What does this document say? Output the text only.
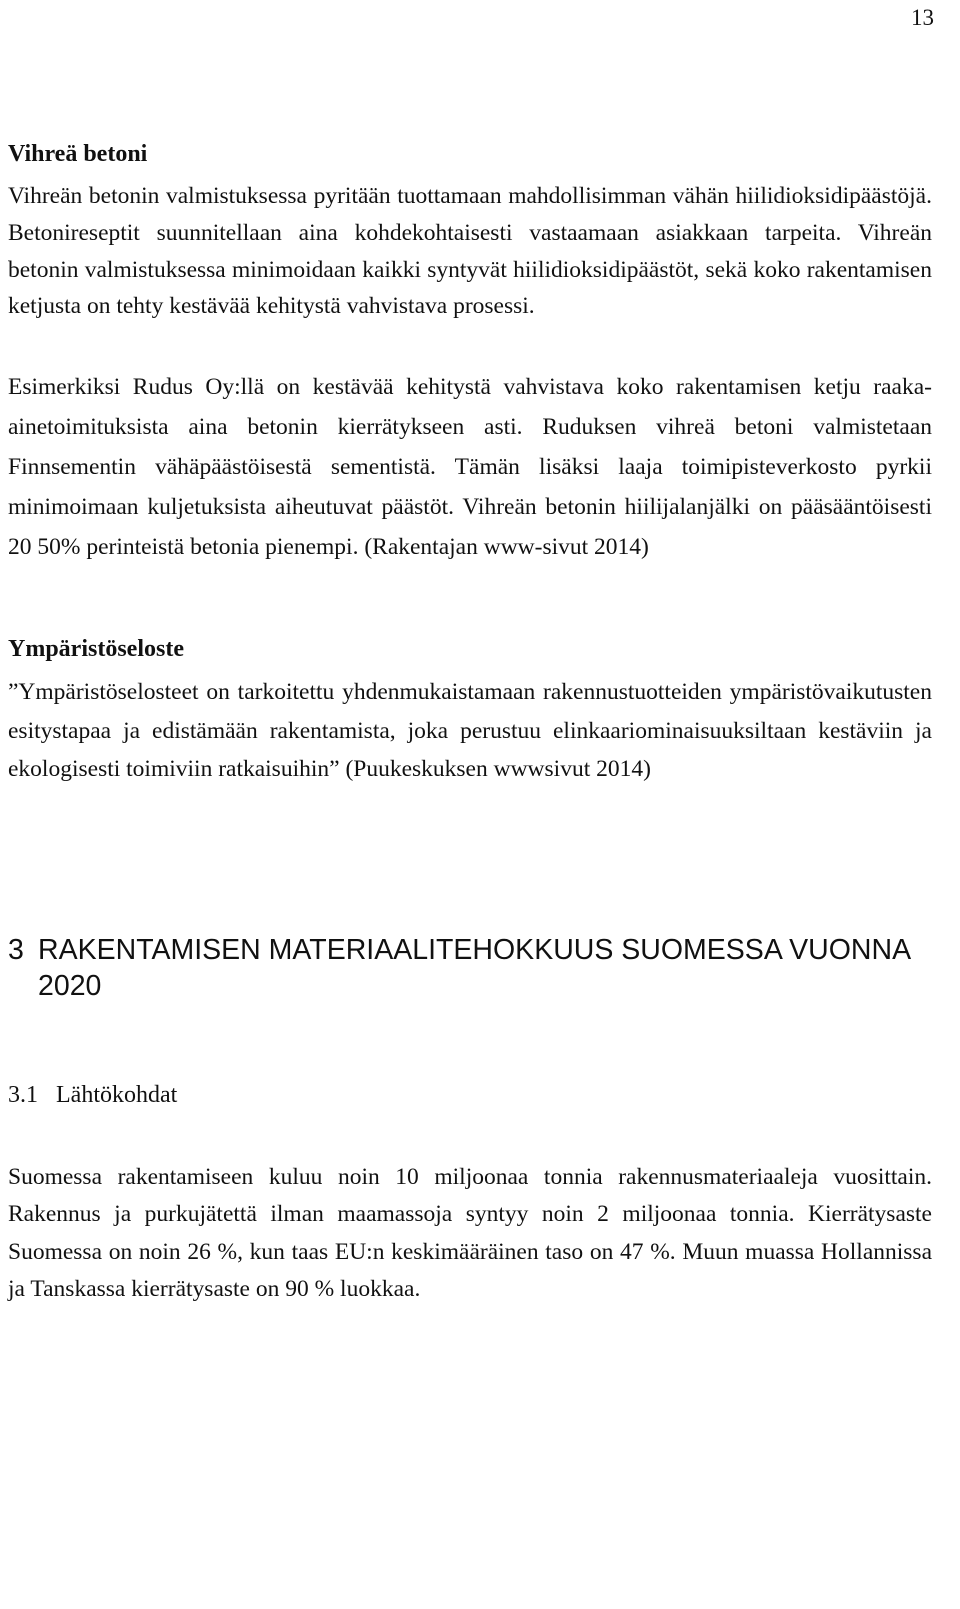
13
Vihreä betoni

Vihreän betonin valmistuksessa pyritään tuottamaan mahdollisimman vähän hiilidioksidipäästöjä. Betonireseptit suunnitellaan aina kohdekohtaisesti vastaamaan asiakkaan tarpeita. Vihreän betonin valmistuksessa minimoidaan kaikki syntyvät hiilidioksidipäästöt, sekä koko rakentamisen ketjusta on tehty kestävää kehitystä vahvistava prosessi.

Esimerkiksi Rudus Oy:llä on kestävää kehitystä vahvistava koko rakentamisen ketju raaka-ainetoimituksista aina betonin kierrätykseen asti. Ruduksen vihreä betoni valmistetaan Finnsementin vähäpäästöisestä sementistä. Tämän lisäksi laaja toimipisteverkosto pyrkii minimoimaan kuljetuksista aiheutuvat päästöt. Vihreän betonin hiilijalanjälki on pääsääntöisesti 20 50% perinteistä betonia pienempi. (Rakentajan www-sivut 2014)

Ympäristöseloste

”Ympäristöselosteet on tarkoitettu yhdenmukaistamaan rakennustuotteiden ympäristövaikutusten esitystapaa ja edistämään rakentamista, joka perustuu elinkaariominaisuuksiltaan kestäviin ja ekologisesti toimiviin ratkaisuihin” (Puukeskuksen wwwsivut 2014)

3 RAKENTAMISEN MATERIAALITEHOKKUUS SUOMESSA VUONNA 2020
3.1 Lähtökohdat

Suomessa rakentamiseen kuluu noin 10 miljoonaa tonnia rakennusmateriaaleja vuosittain. Rakennus ja purkujätettä ilman maamassoja syntyy noin 2 miljoonaa tonnia. Kierrätysaste Suomessa on noin 26 %, kun taas EU:n keskimääräinen taso on 47 %. Muun muassa Hollannissa ja Tanskassa kierrätysaste on 90 % luokkaa.
